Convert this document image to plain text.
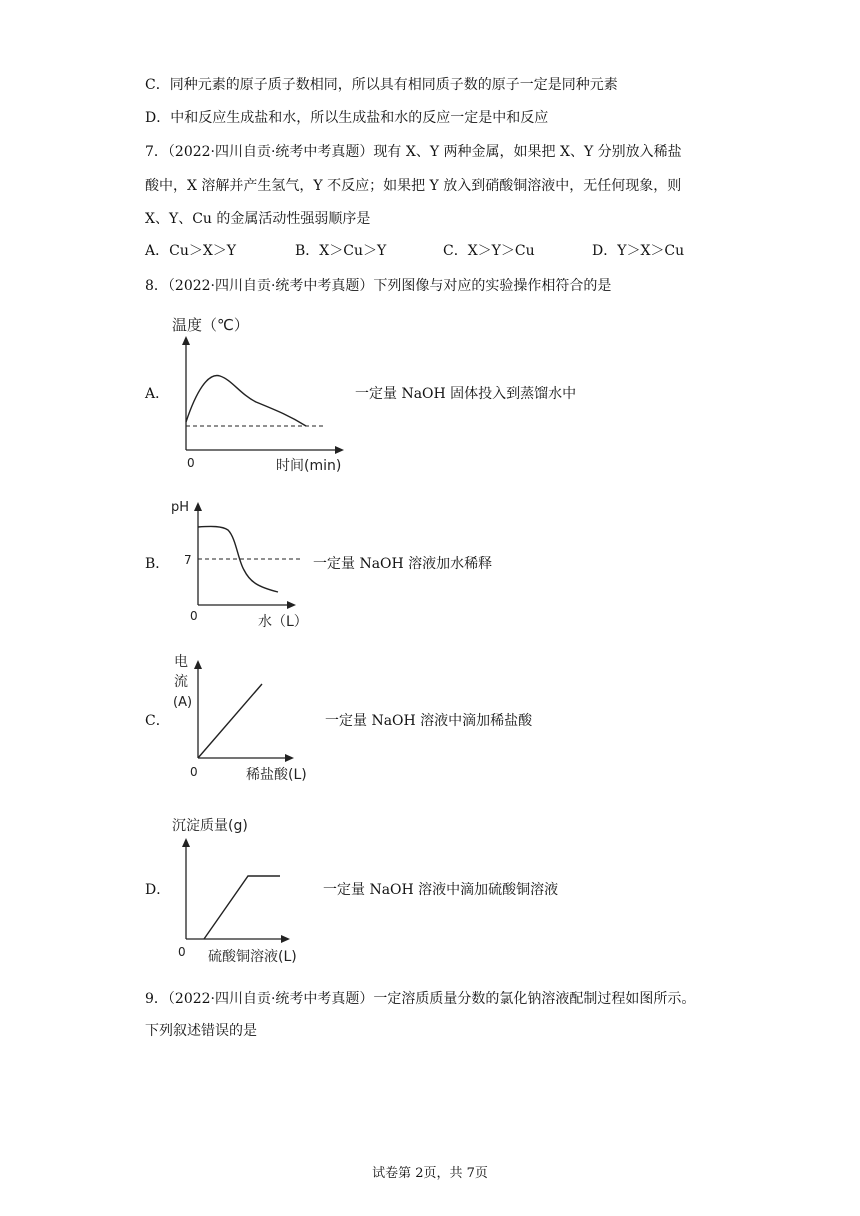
C．同种元素的原子质子数相同，所以具有相同质子数的原子一定是同种元素
D．中和反应生成盐和水，所以生成盐和水的反应一定是中和反应
7．（2022·四川自贡·统考中考真题）现有 X、Y 两种金属，如果把 X、Y 分别放入稀盐
酸中，X 溶解并产生氢气，Y 不反应；如果把 Y 放入到硝酸铜溶液中，无任何现象，则
X、Y、Cu 的金属活动性强弱顺序是
A．Cu＞X＞Y	B．X＞Cu＞Y	C．X＞Y＞Cu	D．Y＞X＞Cu
8．（2022·四川自贡·统考中考真题）下列图像与对应的实验操作相符合的是
A．
温度（℃）
0	时间(min)
一定量 NaOH 固体投入到蒸馏水中
B．
pH
7
0	水（L）
一定量 NaOH 溶液加水稀释
C．
电
流
(A)
0	稀盐酸(L)
一定量 NaOH 溶液中滴加稀盐酸
D．
沉淀质量(g)
0 硫酸铜溶液(L)
一定量 NaOH 溶液中滴加硫酸铜溶液
9．（2022·四川自贡·统考中考真题）一定溶质质量分数的氯化钠溶液配制过程如图所示。
下列叙述错误的是
试卷第 2页，共 7页
